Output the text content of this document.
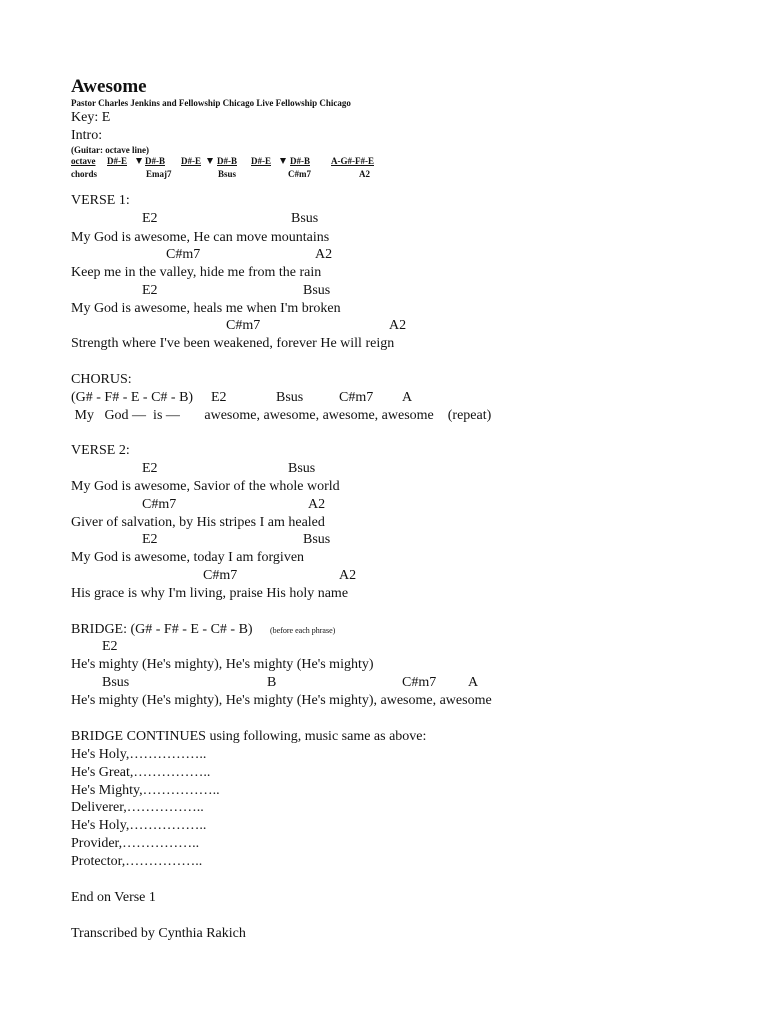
Awesome
Pastor Charles Jenkins and Fellowship Chicago Live Fellowship Chicago
Key: E
Intro:
(Guitar: octave line)
octave D#-E D#-B D#-E D#-B D#-E D#-B A-G#-F#-E
chords	Emaj7	Bsus	C#m7	A2
VERSE 1:
E2	Bsus
My God is awesome, He can move mountains
C#m7	A2
Keep me in the valley, hide me from the rain
E2	Bsus
My God is awesome, heals me when I'm broken
C#m7	A2
Strength where I've been weakened, forever He will reign
CHORUS:
(G# - F# - E - C# - B) E2	Bsus	C#m7 A
My   God —  is —       awesome, awesome, awesome, awesome    (repeat)
VERSE 2:
E2	Bsus
My God is awesome, Savior of the whole world
C#m7	A2
Giver of salvation, by His stripes I am healed
E2	Bsus
My God is awesome, today I am forgiven
C#m7	A2
His grace is why I'm living, praise His holy name
BRIDGE: (G# - F# - E - C# - B) (before each phrase)
E2
He's mighty (He's mighty), He's mighty (He's mighty)
Bsus	B	C#m7 A
He's mighty (He's mighty), He's mighty (He's mighty), awesome, awesome
BRIDGE CONTINUES using following, music same as above:
He's Holy,……………..
He's Great,……………..
He's Mighty,……………..
Deliverer,……………..
He's Holy,……………..
Provider,……………..
Protector,……………..
End on Verse 1
Transcribed by Cynthia Rakich
